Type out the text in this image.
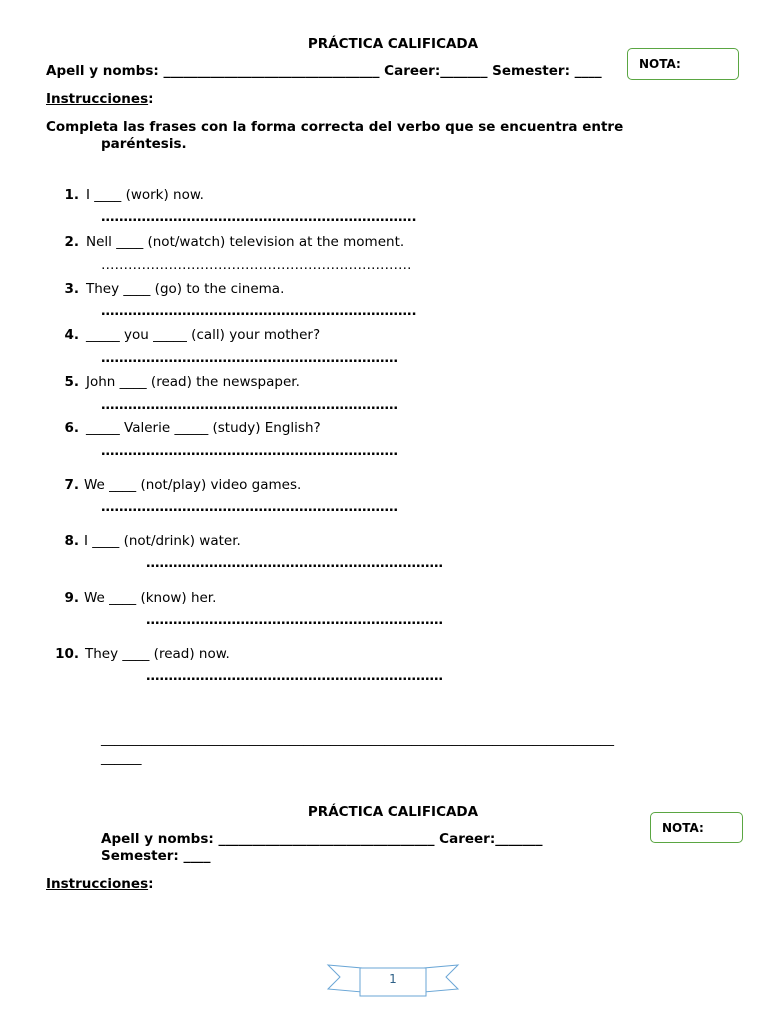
PRÁCTICA CALIFICADA
Apell y nombs: ________________________________ Career:_______ Semester: ____	NOTA:
Instrucciones:
Completa las frases con la forma correcta del verbo que se encuentra entre
paréntesis.
1. I ____ (work) now.
…………………………………………………………….
2. Nell ____ (not/watch) television at the moment.
……………………………………………………………
3. They ____ (go) to the cinema.
…………………………………………………………….
4. _____ you _____ (call) your mother?
…………………………………………………………
5. John ____ (read) the newspaper.
…………………………………………………………
6. _____ Valerie _____ (study) English?
…………………………………………………………
7. We ____ (not/play) video games.
…………………………………………………………
8. I ____ (not/drink) water.
…………………………………………………………
9. We ____ (know) her.
…………………………………………………………
10. They ____ (read) now.
…………………………………………………………
____________________________________________________________________________
______
PRÁCTICA CALIFICADA
Apell y nombs: ________________________________ Career:_______
Semester: ____
NOTA:
Instrucciones:
1
